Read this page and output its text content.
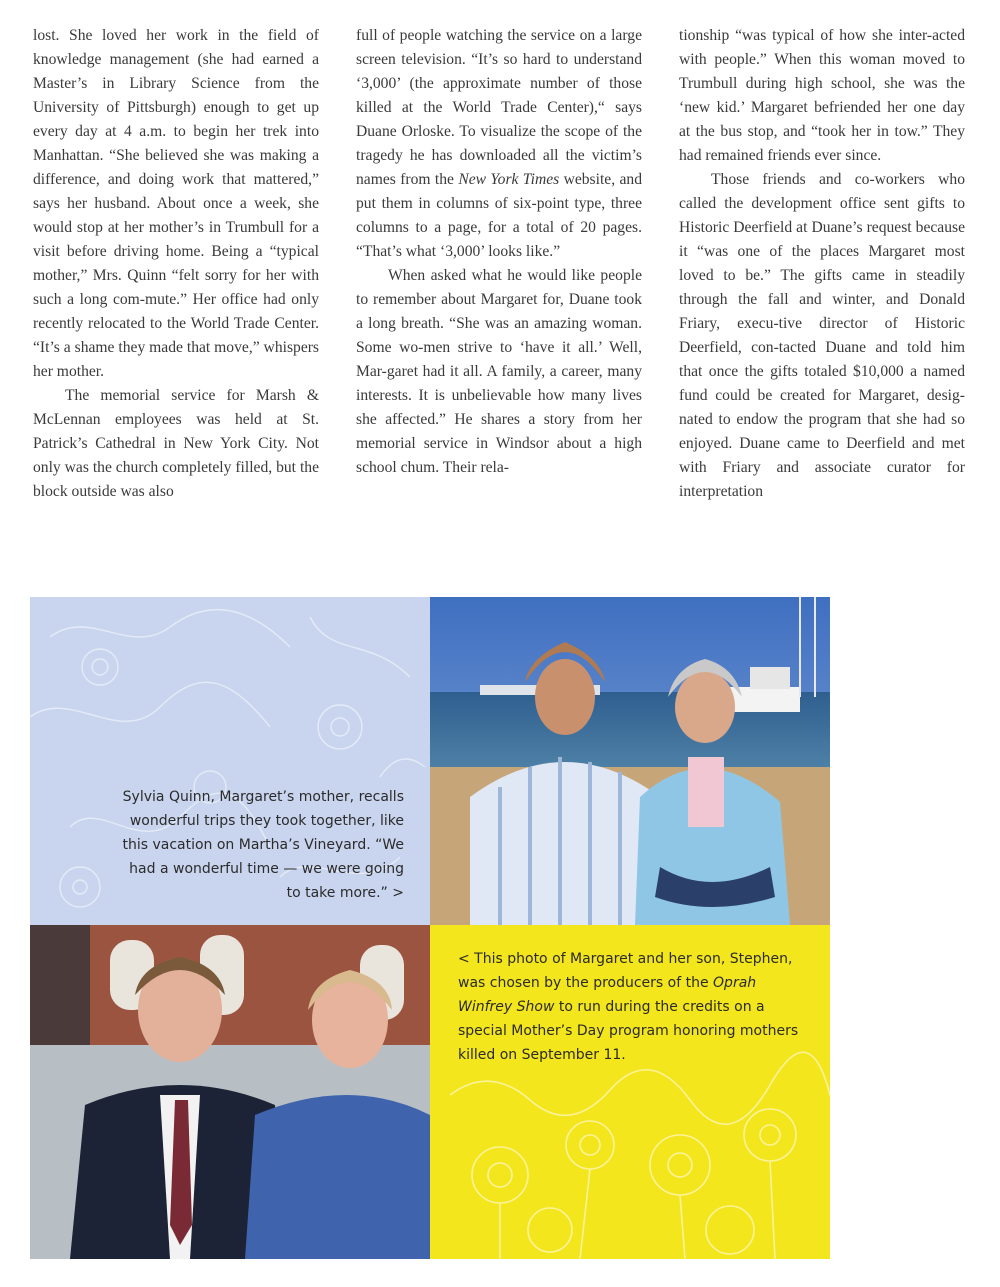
lost. She loved her work in the field of knowledge management (she had earned a Master’s in Library Science from the University of Pittsburgh) enough to get up every day at 4 a.m. to begin her trek into Manhattan. “She believed she was making a difference, and doing work that mattered,” says her husband. About once a week, she would stop at her mother’s in Trumbull for a visit before driving home. Being a “typical mother,” Mrs. Quinn “felt sorry for her with such a long com-mute.” Her office had only recently relocated to the World Trade Center. “It’s a shame they made that move,” whispers her mother.

The memorial service for Marsh & McLennan employees was held at St. Patrick’s Cathedral in New York City. Not only was the church completely filled, but the block outside was also

full of people watching the service on a large screen television. “It’s so hard to understand ‘3,000’ (the approximate number of those killed at the World Trade Center),“ says Duane Orloske. To visualize the scope of the tragedy he has downloaded all the victim’s names from the New York Times website, and put them in columns of six-point type, three columns to a page, for a total of 20 pages. “That’s what ‘3,000’ looks like.”

When asked what he would like people to remember about Margaret for, Duane took a long breath. “She was an amazing woman. Some wo-men strive to ‘have it all.’ Well, Mar-garet had it all. A family, a career, many interests. It is unbelievable how many lives she affected.” He shares a story from her memorial service in Windsor about a high school chum. Their rela-

tionship “was typical of how she inter-acted with people.” When this woman moved to Trumbull during high school, she was the ‘new kid.’ Margaret befriended her one day at the bus stop, and “took her in tow.” They had remained friends ever since.

Those friends and co-workers who called the development office sent gifts to Historic Deerfield at Duane’s request because it “was one of the places Margaret most loved to be.” The gifts came in steadily through the fall and winter, and Donald Friary, execu-tive director of Historic Deerfield, con-tacted Duane and told him that once the gifts totaled $10,000 a named fund could be created for Margaret, desig-nated to endow the program that she had so enjoyed. Duane came to Deerfield and met with Friary and associate curator for interpretation

Sylvia Quinn, Margaret’s mother, recalls
wonderful trips they took together, like
this vacation on Martha’s Vineyard. “We
had a wonderful time — we were going
to take more.” >
< This photo of Margaret and her son, Stephen, was chosen by the producers of the Oprah Winfrey Show to run during the credits on a special Mother’s Day program honoring mothers killed on September 11.
